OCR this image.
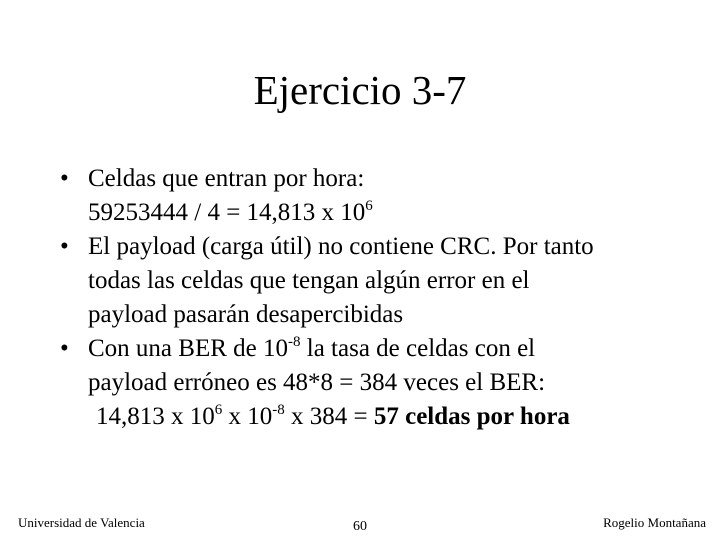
Ejercicio 3-7
• Celdas que entran por hora:
59253444 / 4 = 14,813 x $10^6$
• El payload (carga útil) no contiene CRC. Por tanto
todas las celdas que tengan algún error en el
payload pasarán desapercibidas
• Con una BER de $10^{-8}$ la tasa de celdas con el
payload erróneo es 48*8 = 384 veces el BER:
14,813 x $10^6$ x $10^{-8}$ x 384 = 57 celdas por hora
Universidad de Valencia	60	Rogelio Montañana
